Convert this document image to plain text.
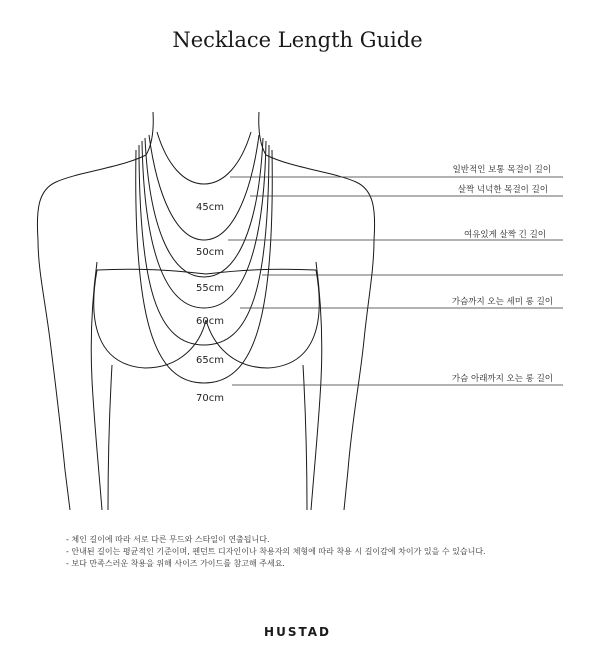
Necklace Length Guide
45cm
50cm
55cm
60cm
65cm
70cm
일반적인 보통 목걸이 길이
살짝 넉넉한 목걸이 길이
여유있게 살짝 긴 길이
가슴까지 오는 세미 롱 길이
가슴 아래까지 오는 롱 길이
- 체인 길이에 따라 서로 다른 무드와 스타일이 연출됩니다.
- 안내된 길이는 평균적인 기준이며, 펜던트 디자인이나 착용자의 체형에 따라 착용 시 길이감에 차이가 있을 수 있습니다.
- 보다 만족스러운 착용을 위해 사이즈 가이드를 참고해 주세요.
HUSTAD
